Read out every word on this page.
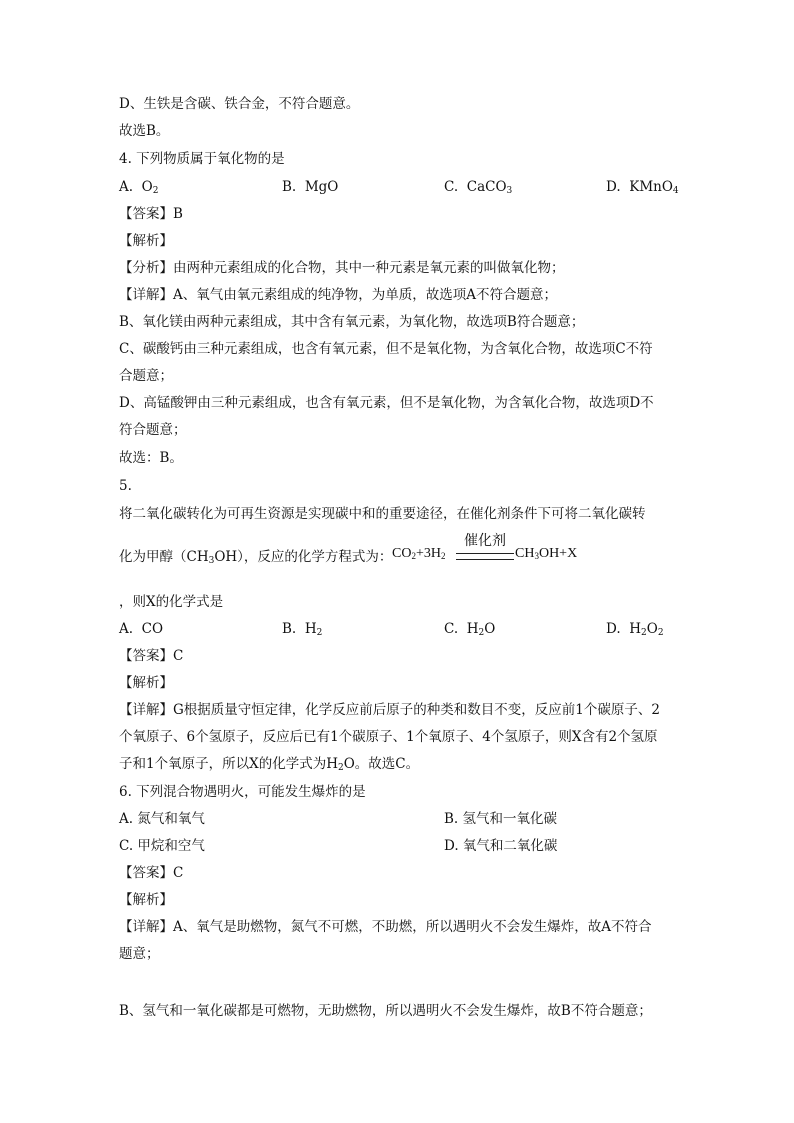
D、生铁是含碳、铁合金，不符合题意。
故选B。
4. 下列物质属于氧化物的是
A. $O_2$	B. MgO	C. CaCO$_3$	D. KMnO$_4$
【答案】B
【解析】
【分析】由两种元素组成的化合物，其中一种元素是氧元素的叫做氧化物；
【详解】A、氧气由氧元素组成的纯净物，为单质，故选项A不符合题意；
B、氧化镁由两种元素组成，其中含有氧元素，为氧化物，故选项B符合题意；
C、碳酸钙由三种元素组成，也含有氧元素，但不是氧化物，为含氧化合物，故选项C不符
合题意；
D、高锰酸钾由三种元素组成，也含有氧元素，但不是氧化物，为含氧化合物，故选项D不
符合题意；
故选：B。
5.
将二氧化碳转化为可再生资源是实现碳中和的重要途径，在催化剂条件下可将二氧化碳转
化为甲醇$(CH_3OH)$，反应的化学方程式为： $CO_2+3H_2$
催化剂
$CH_3OH+X$
，则X的化学式是
A. CO	B. $H_2$	C. $H_2O$	D. $H_2O_2$
【答案】C
【解析】
【详解】G根据质量守恒定律，化学反应前后原子的种类和数目不变，反应前1个碳原子、2
个氧原子、6个氢原子，反应后已有1个碳原子、1个氧原子、4个氢原子，则X含有2个氢原
子和1个氧原子，所以X的化学式为$H_2O$。故选C。
6. 下列混合物遇明火，可能发生爆炸的是
A. 氮气和氧气	B. 氢气和一氧化碳
C. 甲烷和空气	D. 氧气和二氧化碳
【答案】C
【解析】
【详解】A、氧气是助燃物，氮气不可燃，不助燃，所以遇明火不会发生爆炸，故A不符合
题意；
B、氢气和一氧化碳都是可燃物，无助燃物，所以遇明火不会发生爆炸，故B不符合题意；
